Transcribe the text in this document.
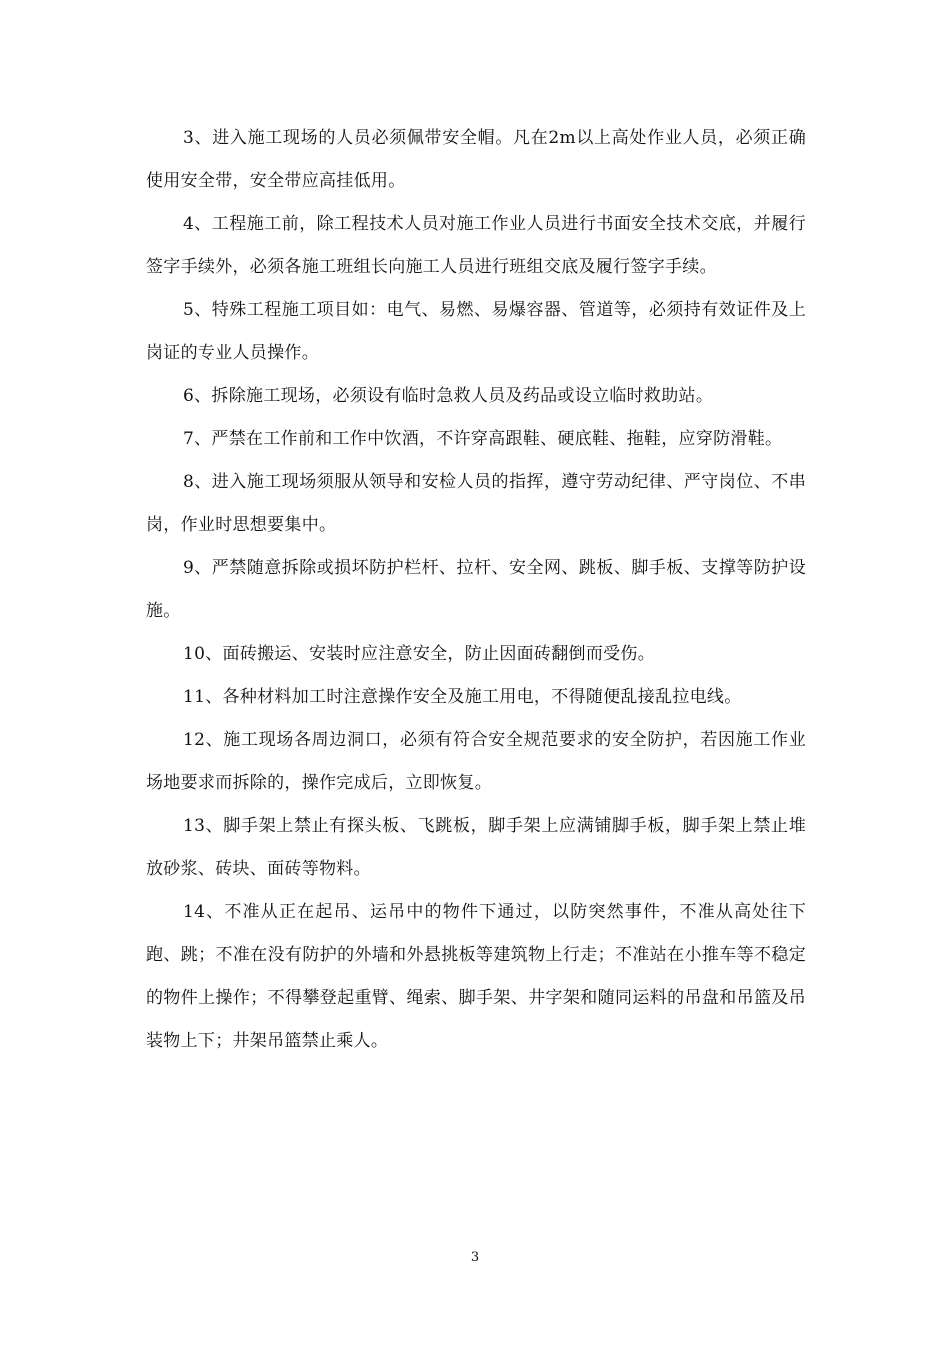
3、进入施工现场的人员必须佩带安全帽。凡在2m以上高处作业人员，必须正确使用安全带，安全带应高挂低用。

4、工程施工前，除工程技术人员对施工作业人员进行书面安全技术交底，并履行签字手续外，必须各施工班组长向施工人员进行班组交底及履行签字手续。

5、特殊工程施工项目如：电气、易燃、易爆容器、管道等，必须持有效证件及上岗证的专业人员操作。

6、拆除施工现场，必须设有临时急救人员及药品或设立临时救助站。

7、严禁在工作前和工作中饮酒，不许穿高跟鞋、硬底鞋、拖鞋，应穿防滑鞋。

8、进入施工现场须服从领导和安检人员的指挥，遵守劳动纪律、严守岗位、不串岗，作业时思想要集中。

9、严禁随意拆除或损坏防护栏杆、拉杆、安全网、跳板、脚手板、支撑等防护设施。

10、面砖搬运、安装时应注意安全，防止因面砖翻倒而受伤。

11、各种材料加工时注意操作安全及施工用电，不得随便乱接乱拉电线。

12、施工现场各周边洞口，必须有符合安全规范要求的安全防护，若因施工作业场地要求而拆除的，操作完成后，立即恢复。

13、脚手架上禁止有探头板、飞跳板，脚手架上应满铺脚手板，脚手架上禁止堆放砂浆、砖块、面砖等物料。

14、不准从正在起吊、运吊中的物件下通过，以防突然事件，不准从高处往下跑、跳；不准在没有防护的外墙和外悬挑板等建筑物上行走；不准站在小推车等不稳定的物件上操作；不得攀登起重臂、绳索、脚手架、井字架和随同运料的吊盘和吊篮及吊装物上下；井架吊篮禁止乘人。

3
